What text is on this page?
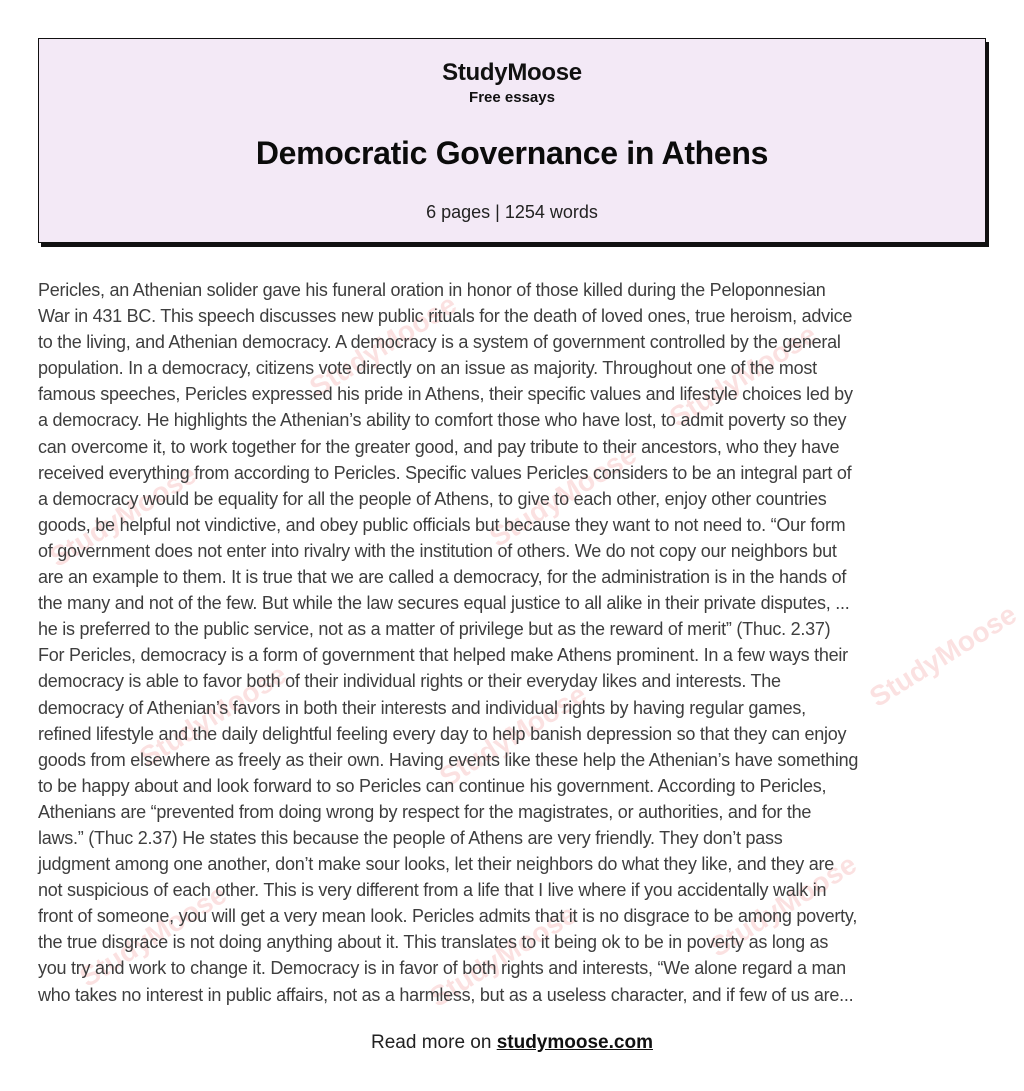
StudyMoose
Free essays
Democratic Governance in Athens
6 pages | 1254 words
StudyMoose	StudyMoose
StudyMoose	StudyMoose
StudyMoose
StudyMoose	StudyMoose
StudyMoose
StudyMoose	StudyMoose
Pericles, an Athenian solider gave his funeral oration in honor of those killed during the Peloponnesian
War in 431 BC. This speech discusses new public rituals for the death of loved ones, true heroism, advice
to the living, and Athenian democracy. A democracy is a system of government controlled by the general
population. In a democracy, citizens vote directly on an issue as majority. Throughout one of the most
famous speeches, Pericles expressed his pride in Athens, their specific values and lifestyle choices led by
a democracy. He highlights the Athenian’s ability to comfort those who have lost, to admit poverty so they
can overcome it, to work together for the greater good, and pay tribute to their ancestors, who they have
received everything from according to Pericles. Specific values Pericles considers to be an integral part of
a democracy would be equality for all the people of Athens, to give to each other, enjoy other countries
goods, be helpful not vindictive, and obey public officials but because they want to not need to. “Our form
of government does not enter into rivalry with the institution of others. We do not copy our neighbors but
are an example to them. It is true that we are called a democracy, for the administration is in the hands of
the many and not of the few. But while the law secures equal justice to all alike in their private disputes, ...
he is preferred to the public service, not as a matter of privilege but as the reward of merit” (Thuc. 2.37)
For Pericles, democracy is a form of government that helped make Athens prominent. In a few ways their
democracy is able to favor both of their individual rights or their everyday likes and interests. The
democracy of Athenian’s favors in both their interests and individual rights by having regular games,
refined lifestyle and the daily delightful feeling every day to help banish depression so that they can enjoy
goods from elsewhere as freely as their own. Having events like these help the Athenian’s have something
to be happy about and look forward to so Pericles can continue his government. According to Pericles,
Athenians are “prevented from doing wrong by respect for the magistrates, or authorities, and for the
laws.” (Thuc 2.37) He states this because the people of Athens are very friendly. They don’t pass
judgment among one another, don’t make sour looks, let their neighbors do what they like, and they are
not suspicious of each other. This is very different from a life that I live where if you accidentally walk in
front of someone, you will get a very mean look. Pericles admits that it is no disgrace to be among poverty,
the true disgrace is not doing anything about it. This translates to it being ok to be in poverty as long as
you try and work to change it. Democracy is in favor of both rights and interests, “We alone regard a man
who takes no interest in public affairs, not as a harmless, but as a useless character, and if few of us are...
Read more on studymoose.com
